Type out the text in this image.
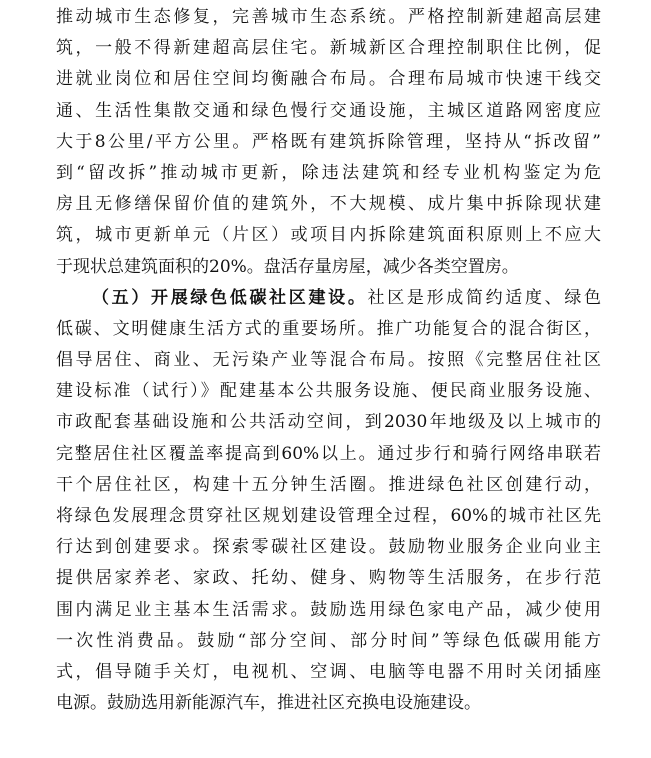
推动城市生态修复，完善城市生态系统。严格控制新建超高层建
筑，一般不得新建超高层住宅。新城新区合理控制职住比例，促
进就业岗位和居住空间均衡融合布局。合理布局城市快速干线交
通、生活性集散交通和绿色慢行交通设施，主城区道路网密度应
大于8公里/平方公里。严格既有建筑拆除管理，坚持从“拆改留”
到“留改拆”推动城市更新，除违法建筑和经专业机构鉴定为危
房且无修缮保留价值的建筑外，不大规模、成片集中拆除现状建
筑，城市更新单元（片区）或项目内拆除建筑面积原则上不应大
于现状总建筑面积的20%。盘活存量房屋，减少各类空置房。
（五）开展绿色低碳社区建设。社区是形成简约适度、绿色
低碳、文明健康生活方式的重要场所。推广功能复合的混合街区，
倡导居住、商业、无污染产业等混合布局。按照《完整居住社区
建设标准（试行）》配建基本公共服务设施、便民商业服务设施、
市政配套基础设施和公共活动空间，到2030年地级及以上城市的
完整居住社区覆盖率提高到60%以上。通过步行和骑行网络串联若
干个居住社区，构建十五分钟生活圈。推进绿色社区创建行动，
将绿色发展理念贯穿社区规划建设管理全过程，60%的城市社区先
行达到创建要求。探索零碳社区建设。鼓励物业服务企业向业主
提供居家养老、家政、托幼、健身、购物等生活服务，在步行范
围内满足业主基本生活需求。鼓励选用绿色家电产品，减少使用
一次性消费品。鼓励“部分空间、部分时间”等绿色低碳用能方
式，倡导随手关灯，电视机、空调、电脑等电器不用时关闭插座
电源。鼓励选用新能源汽车，推进社区充换电设施建设。
